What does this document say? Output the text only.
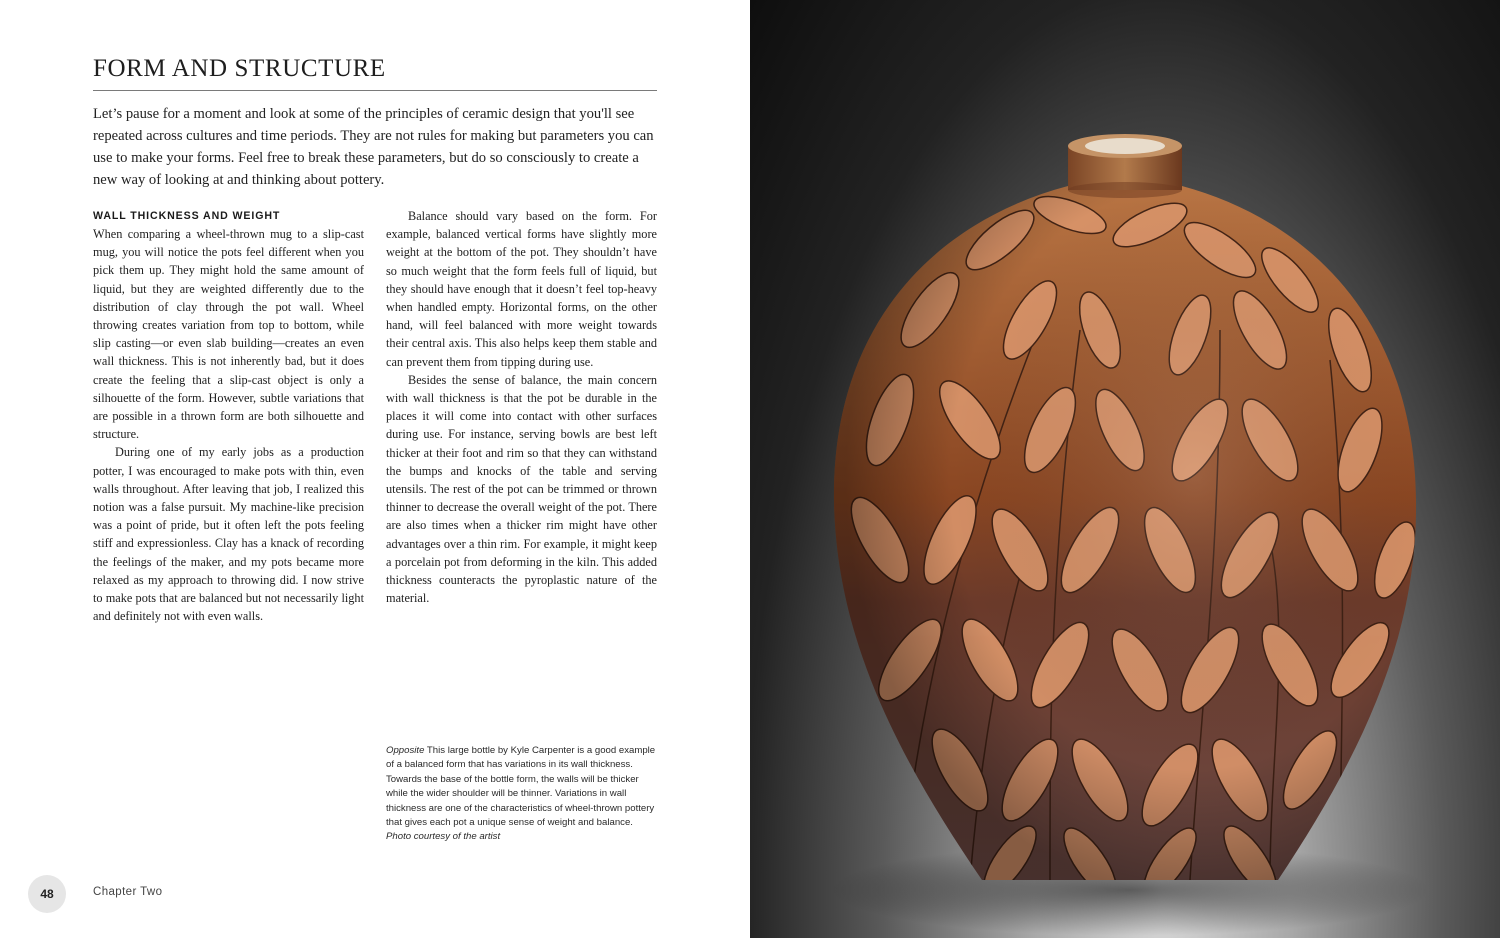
FORM AND STRUCTURE

Let’s pause for a moment and look at some of the principles of ceramic design that you'll see repeated across cultures and time periods. They are not rules for making but parameters you can use to make your forms. Feel free to break these parameters, but do so consciously to create a new way of looking at and thinking about pottery.

WALL THICKNESS AND WEIGHT

When comparing a wheel-thrown mug to a slip-cast mug, you will notice the pots feel different when you pick them up. They might hold the same amount of liquid, but they are weighted differently due to the distribution of clay through the pot wall. Wheel throwing creates variation from top to bottom, while slip casting—or even slab building—creates an even wall thickness. This is not inherently bad, but it does create the feeling that a slip-cast object is only a silhouette of the form. However, subtle variations that are possible in a thrown form are both silhouette and structure.

During one of my early jobs as a production potter, I was encouraged to make pots with thin, even walls throughout. After leaving that job, I realized this notion was a false pursuit. My machine-like precision was a point of pride, but it often left the pots feeling stiff and expressionless. Clay has a knack of recording the feelings of the maker, and my pots became more relaxed as my approach to throwing did. I now strive to make pots that are balanced but not necessarily light and definitely not with even walls.

Balance should vary based on the form. For example, balanced vertical forms have slightly more weight at the bottom of the pot. They shouldn’t have so much weight that the form feels full of liquid, but they should have enough that it doesn’t feel top-heavy when handled empty. Horizontal forms, on the other hand, will feel balanced with more weight towards their central axis. This also helps keep them stable and can prevent them from tipping during use.

Besides the sense of balance, the main concern with wall thickness is that the pot be durable in the places it will come into contact with other surfaces during use. For instance, serving bowls are best left thicker at their foot and rim so that they can withstand the bumps and knocks of the table and serving utensils. The rest of the pot can be trimmed or thrown thinner to decrease the overall weight of the pot. There are also times when a thicker rim might have other advantages over a thin rim. For example, it might keep a porcelain pot from deforming in the kiln. This added thickness counteracts the pyroplastic nature of the material.

Opposite This large bottle by Kyle Carpenter is a good example of a balanced form that has variations in its wall thickness. Towards the base of the bottle form, the walls will be thicker while the wider shoulder will be thinner. Variations in wall thickness are one of the characteristics of wheel-thrown pottery that gives each pot a unique sense of weight and balance. Photo courtesy of the artist

48	Chapter Two
